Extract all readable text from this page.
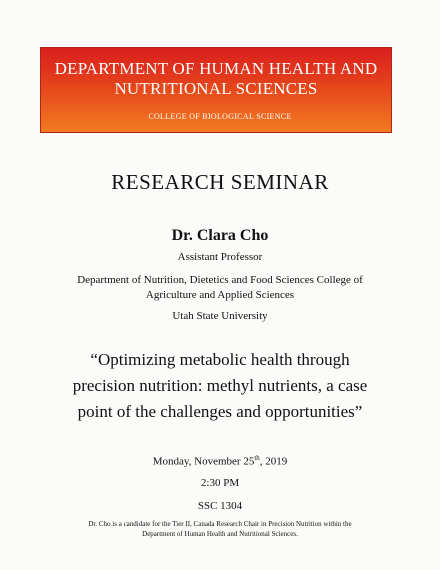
DEPARTMENT OF HUMAN HEALTH AND
NUTRITIONAL SCIENCES
COLLEGE OF BIOLOGICAL SCIENCE
RESEARCH SEMINAR
Dr. Clara Cho
Assistant Professor
Department of Nutrition, Dietetics and Food Sciences College of
Agriculture and Applied Sciences
Utah State University
“Optimizing metabolic health through
precision nutrition: methyl nutrients, a case
point of the challenges and opportunities”
Monday, November 25th, 2019
2:30 PM
SSC 1304
Dr. Cho is a candidate for the Tier II, Canada Research Chair in Precision Nutrition within the
Department of Human Health and Nutritional Sciences.
